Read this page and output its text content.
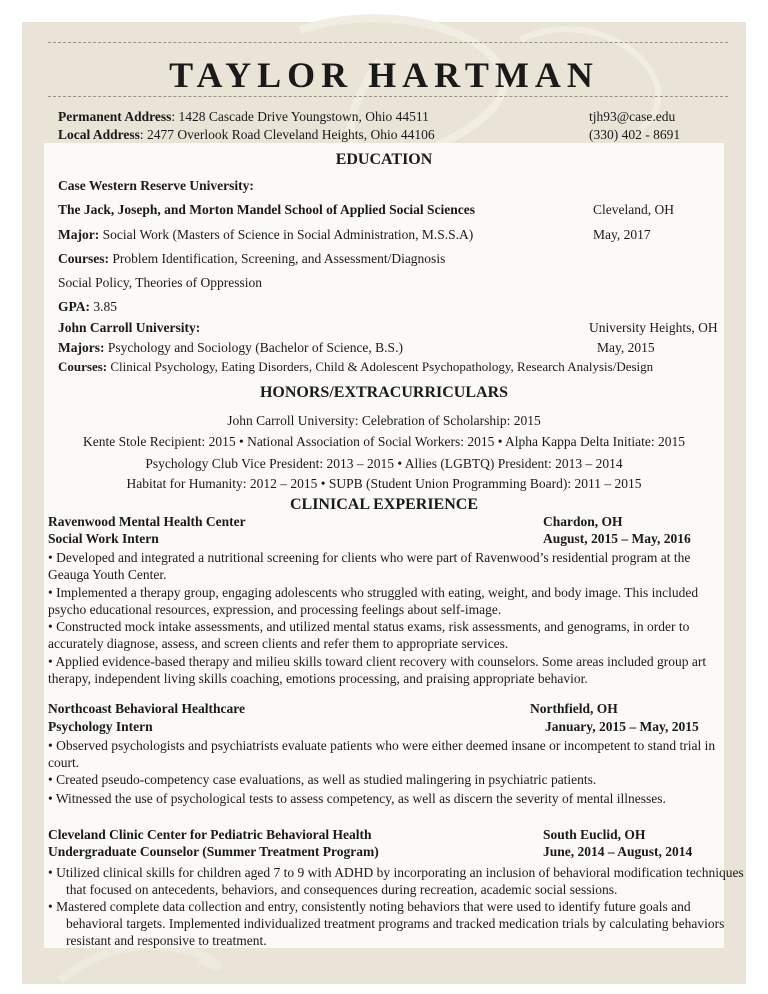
TAYLOR HARTMAN
Permanent Address: 1428 Cascade Drive Youngstown, Ohio 44511	tjh93@case.edu
Local Address: 2477 Overlook Road Cleveland Heights, Ohio 44106	(330) 402 - 8691
EDUCATION
Case Western Reserve University:
The Jack, Joseph, and Morton Mandel School of Applied Social Sciences	Cleveland, OH
Major: Social Work (Masters of Science in Social Administration, M.S.S.A)	May, 2017
Courses: Problem Identification, Screening, and Assessment/Diagnosis
Social Policy, Theories of Oppression
GPA: 3.85
John Carroll University:	University Heights, OH
Majors: Psychology and Sociology (Bachelor of Science, B.S.)	May, 2015
Courses: Clinical Psychology, Eating Disorders, Child & Adolescent Psychopathology, Research Analysis/Design
HONORS/EXTRACURRICULARS
John Carroll University: Celebration of Scholarship: 2015
Kente Stole Recipient: 2015 • National Association of Social Workers: 2015 • Alpha Kappa Delta Initiate: 2015
Psychology Club Vice President: 2013 – 2015 • Allies (LGBTQ) President: 2013 – 2014
Habitat for Humanity: 2012 – 2015 • SUPB (Student Union Programming Board): 2011 – 2015
CLINICAL EXPERIENCE
Ravenwood Mental Health Center	Chardon, OH
Social Work Intern	August, 2015 – May, 2016
• Developed and integrated a nutritional screening for clients who were part of Ravenwood’s residential program at the Geauga Youth Center.
• Implemented a therapy group, engaging adolescents who struggled with eating, weight, and body image. This included psycho educational resources, expression, and processing feelings about self-image.
• Constructed mock intake assessments, and utilized mental status exams, risk assessments, and genograms, in order to accurately diagnose, assess, and screen clients and refer them to appropriate services.
• Applied evidence-based therapy and milieu skills toward client recovery with counselors. Some areas included group art therapy, independent living skills coaching, emotions processing, and praising appropriate behavior.
Northcoast Behavioral Healthcare	Northfield, OH
Psychology Intern	January, 2015 – May, 2015
• Observed psychologists and psychiatrists evaluate patients who were either deemed insane or incompetent to stand trial in court.
• Created pseudo-competency case evaluations, as well as studied malingering in psychiatric patients.
• Witnessed the use of psychological tests to assess competency, as well as discern the severity of mental illnesses.
Cleveland Clinic Center for Pediatric Behavioral Health	South Euclid, OH
Undergraduate Counselor (Summer Treatment Program)	June, 2014 – August, 2014
• Utilized clinical skills for children aged 7 to 9 with ADHD by incorporating an inclusion of behavioral modification techniques that focused on antecedents, behaviors, and consequences during recreation, academic social sessions.
• Mastered complete data collection and entry, consistently noting behaviors that were used to identify future goals and behavioral targets. Implemented individualized treatment programs and tracked medication trials by calculating behaviors resistant and responsive to treatment.
